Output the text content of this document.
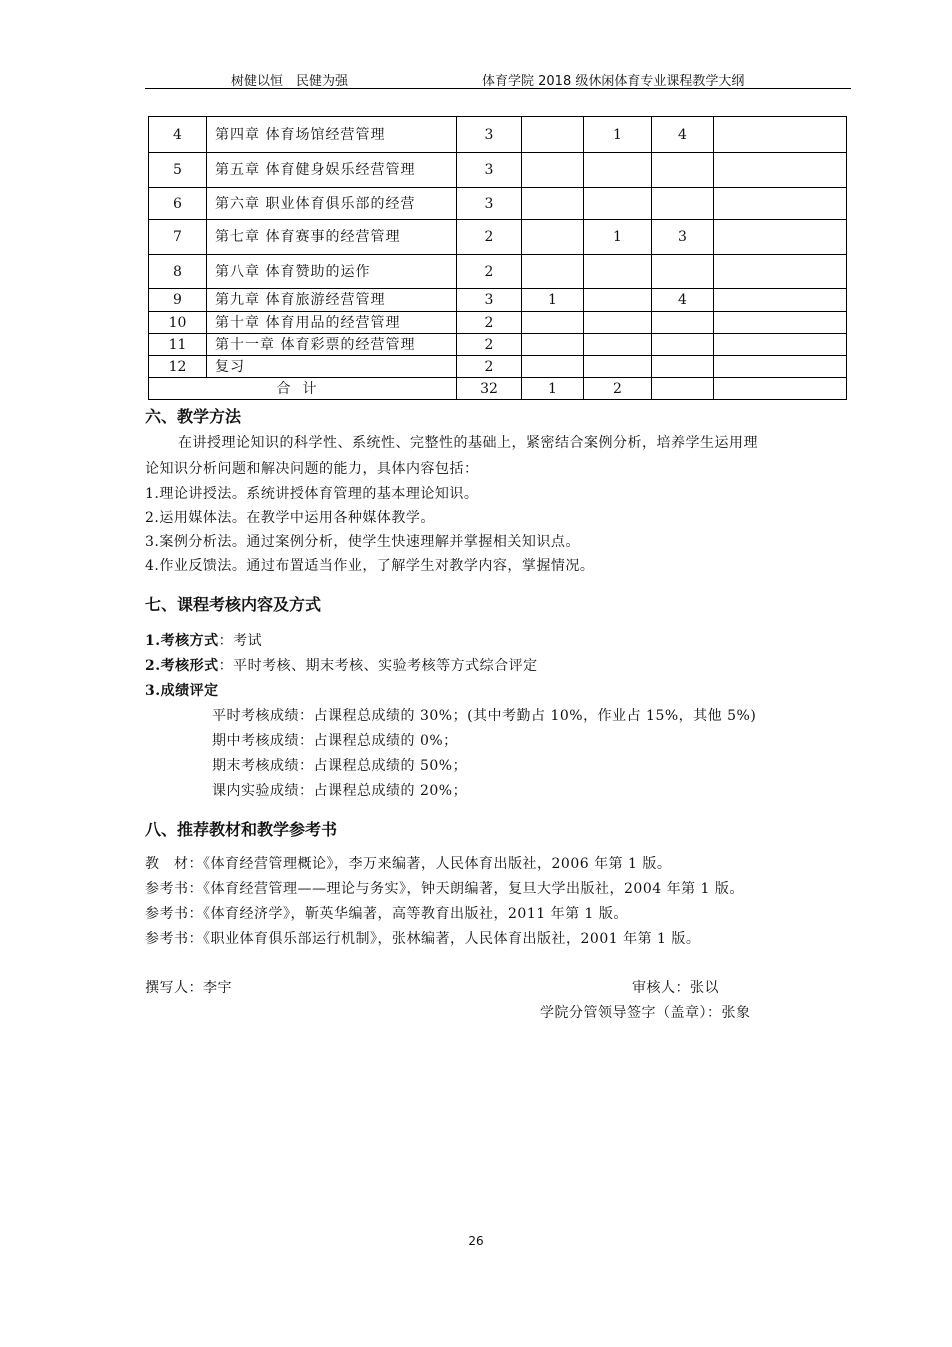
树健以恒　民健为强	体育学院 2018 级休闲体育专业课程教学大纲
4	第四章 体育场馆经营管理	3		1	4	
5	第五章 体育健身娱乐经营管理	3				
6	第六章 职业体育俱乐部的经营	3				
7	第七章 体育赛事的经营管理	2		1	3	
8	第八章 体育赞助的运作	2				
9	第九章 体育旅游经营管理	3	1		4	
10	第十章 体育用品的经营管理	2				
11	第十一章 体育彩票的经营管理	2				
12	复习	2				
合计		32	1	2		
六、教学方法
在讲授理论知识的科学性、系统性、完整性的基础上，紧密结合案例分析，培养学生运用理
论知识分析问题和解决问题的能力，具体内容包括：
1.理论讲授法。系统讲授体育管理的基本理论知识。
2.运用媒体法。在教学中运用各种媒体教学。
3.案例分析法。通过案例分析，使学生快速理解并掌握相关知识点。
4.作业反馈法。通过布置适当作业，了解学生对教学内容，掌握情况。
七、课程考核内容及方式
1.考核方式：考试
2.考核形式：平时考核、期末考核、实验考核等方式综合评定
3.成绩评定
平时考核成绩：占课程总成绩的 30%；(其中考勤占 10%，作业占 15%，其他 5%)
期中考核成绩：占课程总成绩的 0%；
期末考核成绩：占课程总成绩的 50%；
课内实验成绩：占课程总成绩的 20%；
八、推荐教材和教学参考书
教　材：《体育经营管理概论》，李万来编著，人民体育出版社，2006 年第 1 版。
参考书：《体育经营管理——理论与务实》，钟天朗编著，复旦大学出版社，2004 年第 1 版。
参考书：《体育经济学》，靳英华编著，高等教育出版社，2011 年第 1 版。
参考书：《职业体育俱乐部运行机制》，张林编著，人民体育出版社，2001 年第 1 版。
撰写人：李宇	审核人：张以
学院分管领导签字（盖章）：张象
26
